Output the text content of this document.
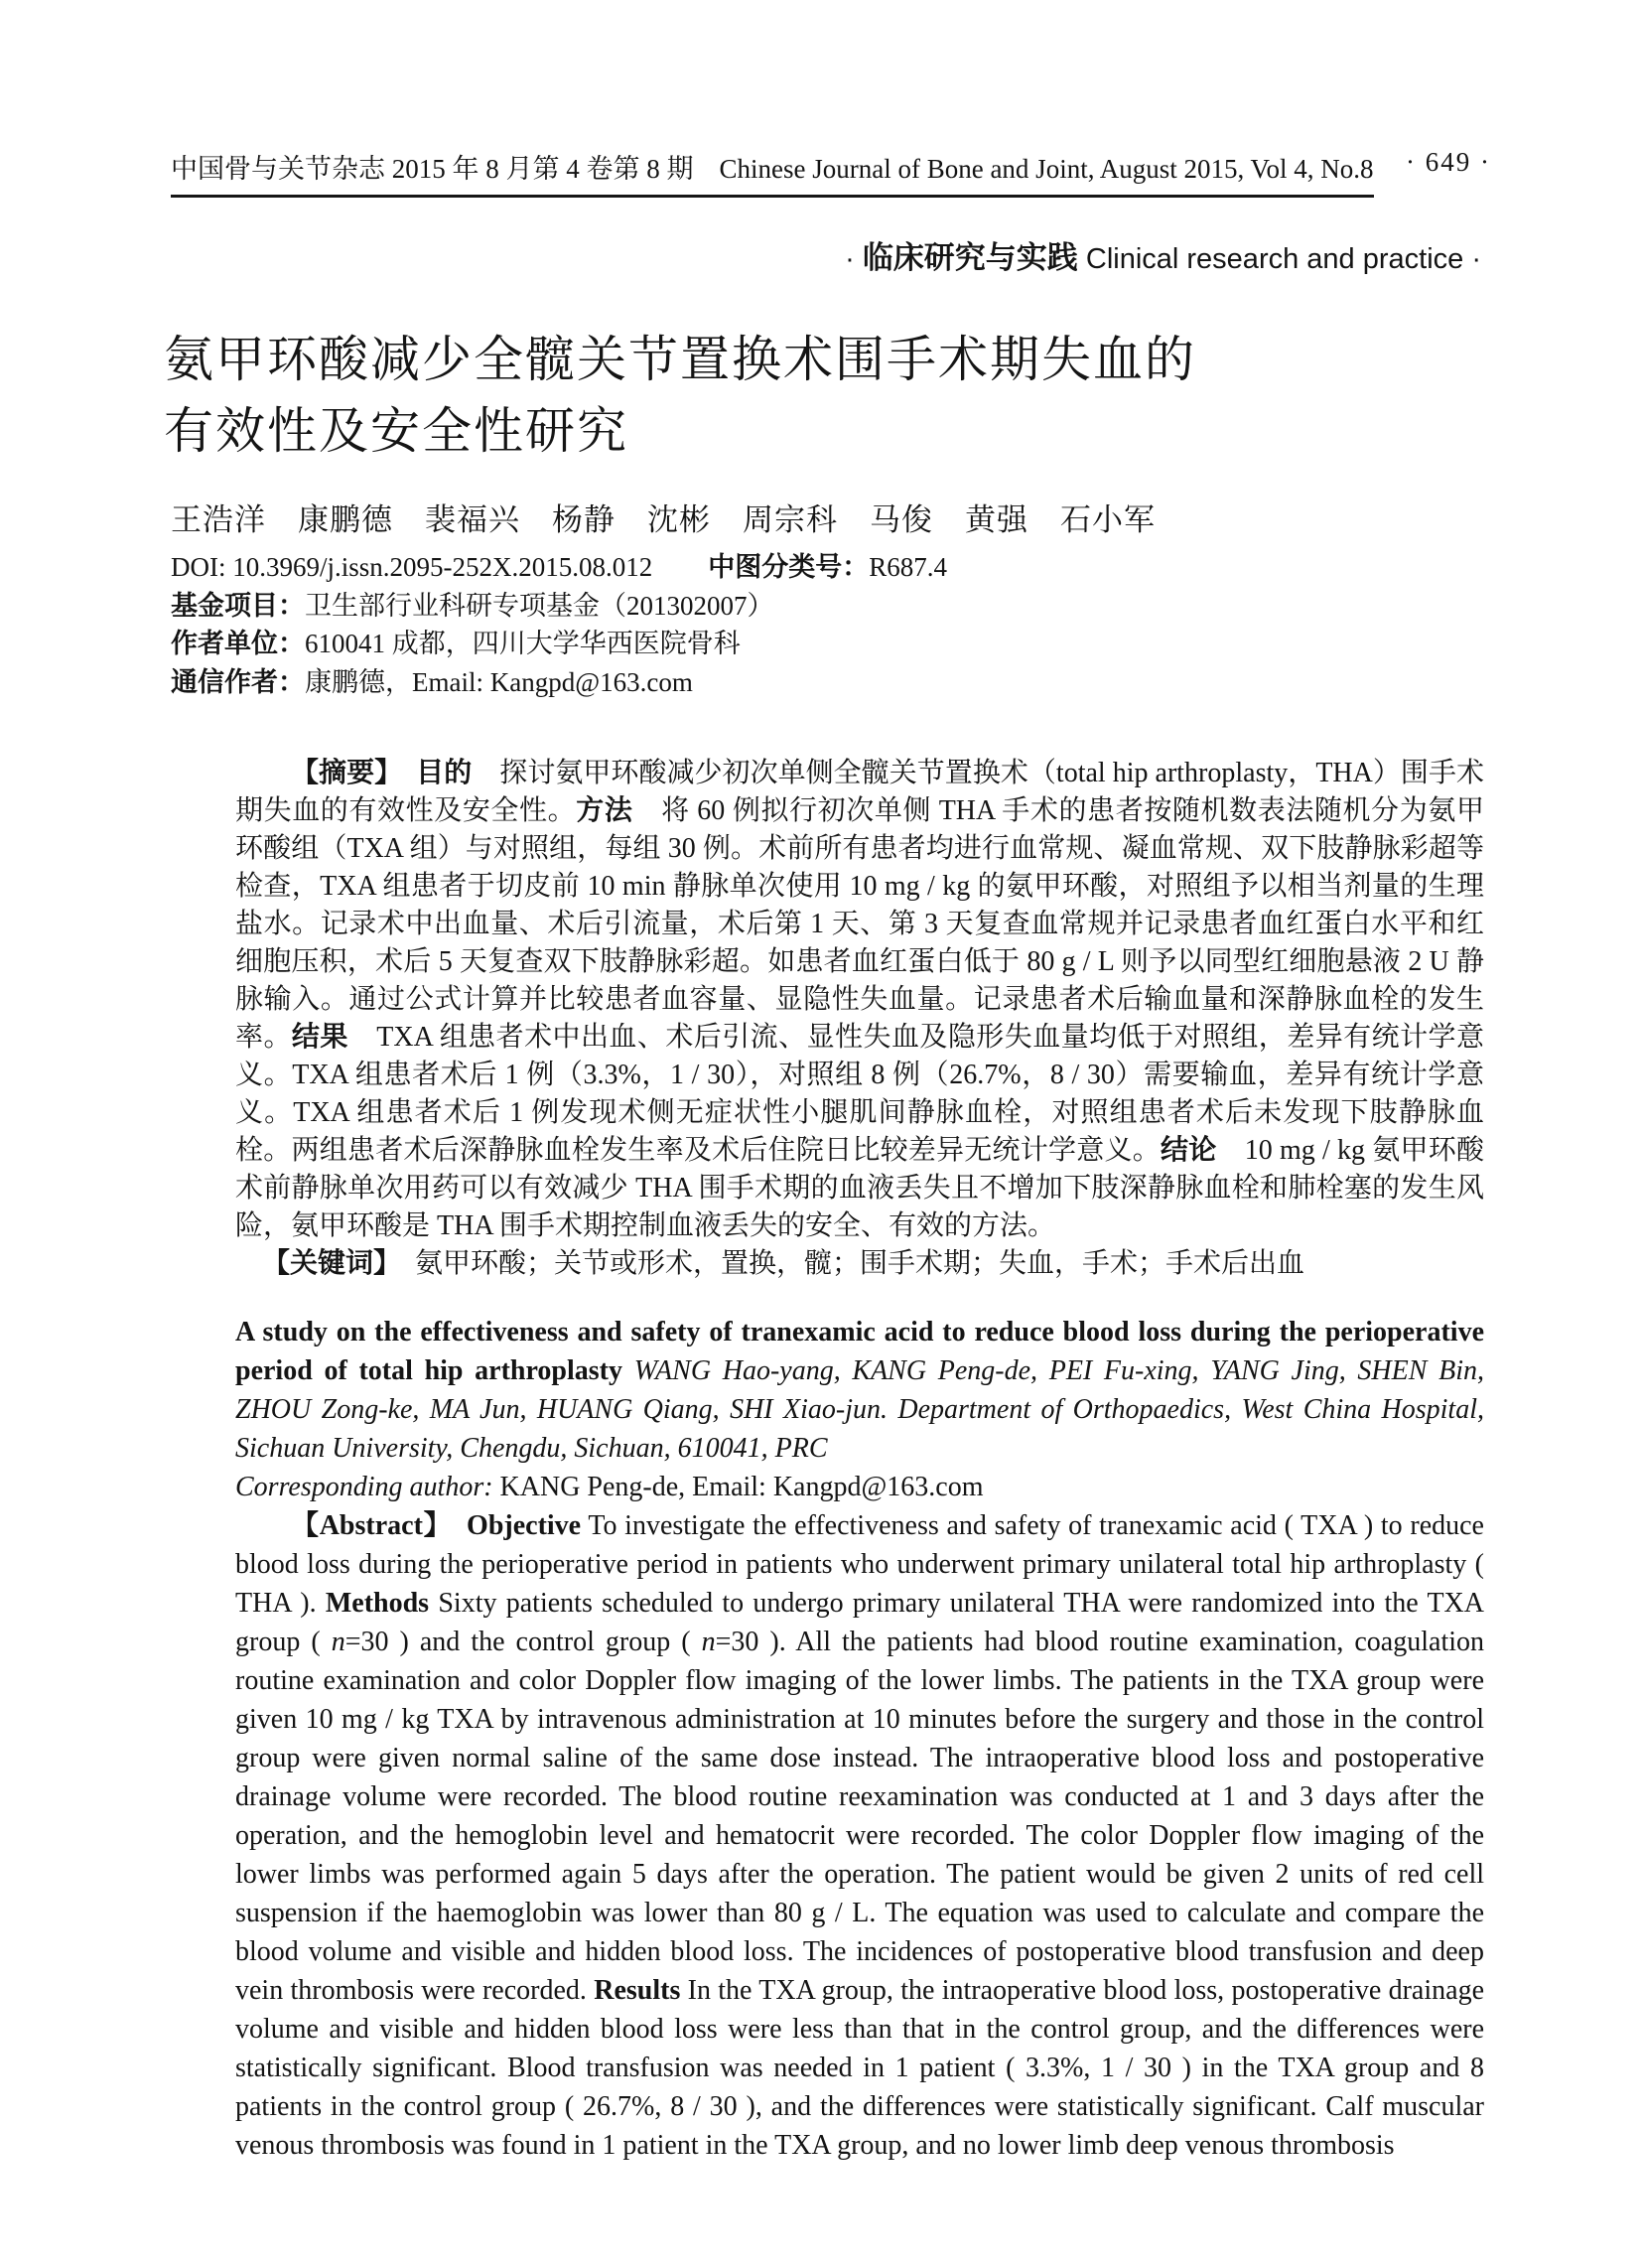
中国骨与关节杂志 2015 年 8 月第 4 卷第 8 期 Chinese Journal of Bone and Joint, August 2015, Vol 4, No.8 · 649 ·
· 临床研究与实践 Clinical research and practice ·
氨甲环酸减少全髋关节置换术围手术期失血的
有效性及安全性研究
王浩洋　康鹏德　裴福兴　杨静　沈彬　周宗科　马俊　黄强　石小军
DOI: 10.3969/j.issn.2095-252X.2015.08.012 中图分类号：R687.4
基金项目：卫生部行业科研专项基金（201302007）
作者单位：610041 成都，四川大学华西医院骨科
通信作者：康鹏德，Email: Kangpd@163.com

【摘要】　目的　探讨氨甲环酸减少初次单侧全髋关节置换术（total hip arthroplasty，THA）围手术期失血的有效性及安全性。方法　将 60 例拟行初次单侧 THA 手术的患者按随机数表法随机分为氨甲环酸组（TXA 组）与对照组，每组 30 例。术前所有患者均进行血常规、凝血常规、双下肢静脉彩超等检查，TXA 组患者于切皮前 10 min 静脉单次使用 10 mg / kg 的氨甲环酸，对照组予以相当剂量的生理盐水。记录术中出血量、术后引流量，术后第 1 天、第 3 天复查血常规并记录患者血红蛋白水平和红细胞压积，术后 5 天复查双下肢静脉彩超。如患者血红蛋白低于 80 g / L 则予以同型红细胞悬液 2 U 静脉输入。通过公式计算并比较患者血容量、显隐性失血量。记录患者术后输血量和深静脉血栓的发生率。结果　TXA 组患者术中出血、术后引流、显性失血及隐形失血量均低于对照组，差异有统计学意义。TXA 组患者术后 1 例（3.3%，1 / 30），对照组 8 例（26.7%，8 / 30）需要输血，差异有统计学意义。TXA 组患者术后 1 例发现术侧无症状性小腿肌间静脉血栓，对照组患者术后未发现下肢静脉血栓。两组患者术后深静脉血栓发生率及术后住院日比较差异无统计学意义。结论　10 mg / kg 氨甲环酸术前静脉单次用药可以有效减少 THA 围手术期的血液丢失且不增加下肢深静脉血栓和肺栓塞的发生风险，氨甲环酸是 THA 围手术期控制血液丢失的安全、有效的方法。

【关键词】　氨甲环酸；关节或形术，置换，髋；围手术期；失血，手术；手术后出血

A study on the effectiveness and safety of tranexamic acid to reduce blood loss during the perioperative period of total hip arthroplasty WANG Hao-yang, KANG Peng-de, PEI Fu-xing, YANG Jing, SHEN Bin, ZHOU Zong-ke, MA Jun, HUANG Qiang, SHI Xiao-jun. Department of Orthopaedics, West China Hospital, Sichuan University, Chengdu, Sichuan, 610041, PRC

Corresponding author: KANG Peng-de, Email: Kangpd@163.com

【Abstract】　Objective To investigate the effectiveness and safety of tranexamic acid ( TXA ) to reduce blood loss during the perioperative period in patients who underwent primary unilateral total hip arthroplasty ( THA ). Methods Sixty patients scheduled to undergo primary unilateral THA were randomized into the TXA group ( n=30 ) and the control group ( n=30 ). All the patients had blood routine examination, coagulation routine examination and color Doppler flow imaging of the lower limbs. The patients in the TXA group were given 10 mg / kg TXA by intravenous administration at 10 minutes before the surgery and those in the control group were given normal saline of the same dose instead. The intraoperative blood loss and postoperative drainage volume were recorded. The blood routine reexamination was conducted at 1 and 3 days after the operation, and the hemoglobin level and hematocrit were recorded. The color Doppler flow imaging of the lower limbs was performed again 5 days after the operation. The patient would be given 2 units of red cell suspension if the haemoglobin was lower than 80 g / L. The equation was used to calculate and compare the blood volume and visible and hidden blood loss. The incidences of postoperative blood transfusion and deep vein thrombosis were recorded. Results In the TXA group, the intraoperative blood loss, postoperative drainage volume and visible and hidden blood loss were less than that in the control group, and the differences were statistically significant. Blood transfusion was needed in 1 patient ( 3.3%, 1 / 30 ) in the TXA group and 8 patients in the control group ( 26.7%, 8 / 30 ), and the differences were statistically significant. Calf muscular venous thrombosis was found in 1 patient in the TXA group, and no lower limb deep venous thrombosis
